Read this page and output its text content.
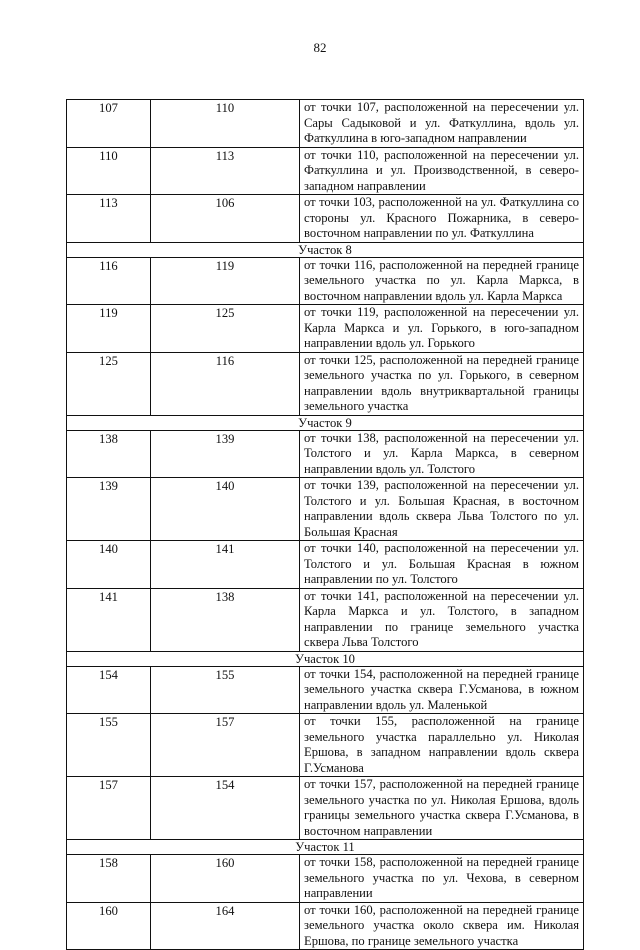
82
107	110	от точки 107, расположенной на пересечении ул. Сары Садыковой и ул. Фаткуллина, вдоль ул. Фаткуллина в юго-западном направлении
110	113	от точки 110, расположенной на пересечении ул. Фаткуллина и ул. Производственной, в северо-западном направлении
113	106	от точки 103, расположенной на ул. Фаткуллина со стороны ул. Красного Пожарника, в северо-восточном направлении по ул. Фаткуллина
Участок 8		
116	119	от точки 116, расположенной на передней границе земельного участка по ул. Карла Маркса, в восточном направлении вдоль ул. Карла Маркса
119	125	от точки 119, расположенной на пересечении ул. Карла Маркса и ул. Горького, в юго-западном направлении вдоль ул. Горького
125	116	от точки 125, расположенной на передней границе земельного участка по ул. Горького, в северном направлении вдоль внутриквартальной границы земельного участка
Участок 9		
138	139	от точки 138, расположенной на пересечении ул. Толстого и ул. Карла Маркса, в северном направлении вдоль ул. Толстого
139	140	от точки 139, расположенной на пересечении ул. Толстого и ул. Большая Красная, в восточном направлении вдоль сквера Льва Толстого по ул. Большая Красная
140	141	от точки 140, расположенной на пересечении ул. Толстого и ул. Большая Красная в южном направлении по ул. Толстого
141	138	от точки 141, расположенной на пересечении ул. Карла Маркса и ул. Толстого, в западном направлении по границе земельного участка сквера Льва Толстого
Участок 10		
154	155	от точки 154, расположенной на передней границе земельного участка сквера Г.Усманова, в южном направлении вдоль ул. Маленькой
155	157	от точки 155, расположенной на границе земельного участка параллельно ул. Николая Ершова, в западном направлении вдоль сквера Г.Усманова
157	154	от точки 157, расположенной на передней границе земельного участка по ул. Николая Ершова, вдоль границы земельного участка сквера Г.Усманова, в восточном направлении
Участок 11		
158	160	от точки 158, расположенной на передней границе земельного участка по ул. Чехова, в северном направлении
160	164	от точки 160, расположенной на передней границе земельного участка около сквера им. Николая Ершова, по границе земельного участка
